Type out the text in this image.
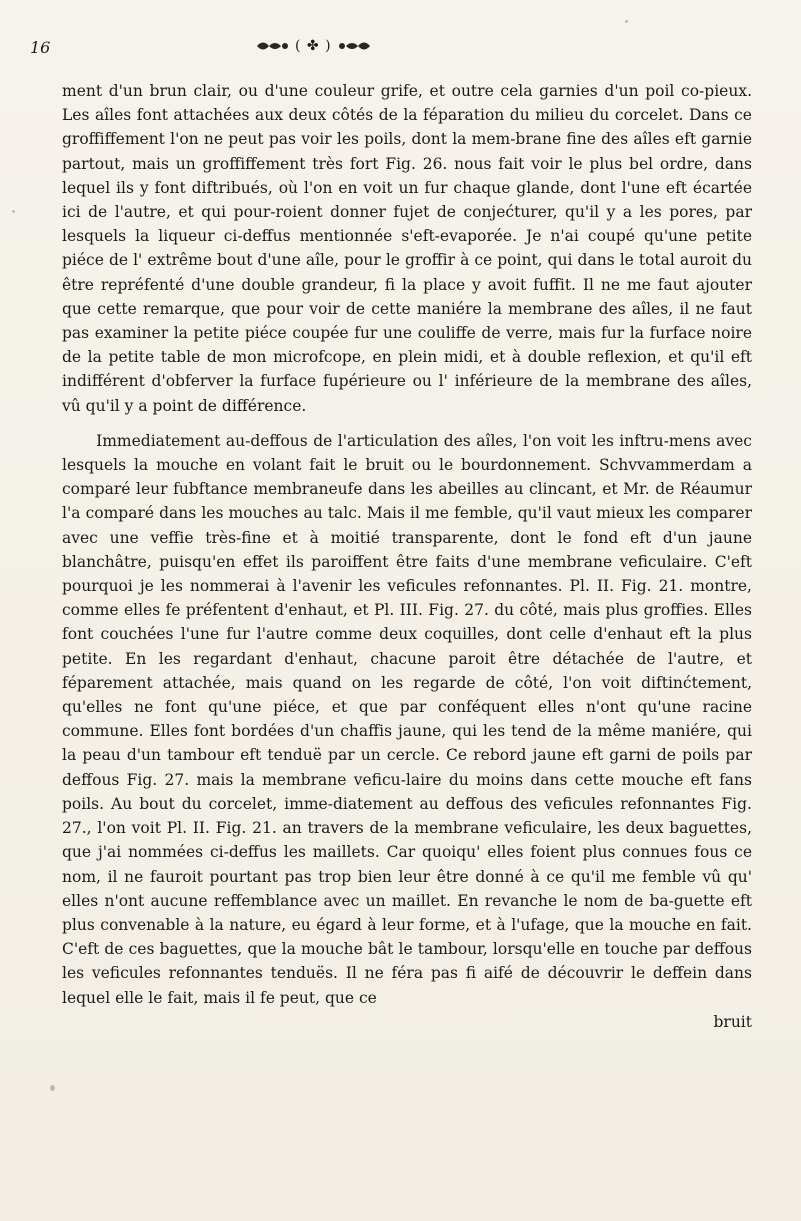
16	( ✤ )

ment d'un brun clair, ou d'une couleur grife, et outre cela garnies d'un poil co-pieux. Les aîles font attachées aux deux côtés de la féparation du milieu du corcelet. Dans ce groffiffement l'on ne peut pas voir les poils, dont la mem-brane fine des aîles eft garnie partout, mais un groffiffement très fort Fig. 26. nous fait voir le plus bel ordre, dans lequel ils y font diftribués, où l'on en voit un fur chaque glande, dont l'une eft écartée ici de l'autre, et qui pour-roient donner fujet de conjećturer, qu'il y a les pores, par lesquels la liqueur ci-deffus mentionnée s'eft-evaporée. Je n'ai coupé qu'une petite piéce de l' extrême bout d'une aîle, pour le groffir à ce point, qui dans le total auroit du être repréfenté d'une double grandeur, fi la place y avoit fuffit. Il ne me faut ajouter que cette remarque, que pour voir de cette maniére la membrane des aîles, il ne faut pas examiner la petite piéce coupée fur une couliffe de verre, mais fur la furface noire de la petite table de mon microfcope, en plein midi, et à double reflexion, et qu'il eft indifférent d'obferver la furface fupérieure ou l' inférieure de la membrane des aîles, vû qu'il y a point de différence.

Immediatement au-deffous de l'articulation des aîles, l'on voit les inftru-mens avec lesquels la mouche en volant fait le bruit ou le bourdonnement. Schvvammerdam a comparé leur fubftance membraneufe dans les abeilles au clincant, et Mr. de Réaumur l'a comparé dans les mouches au talc. Mais il me femble, qu'il vaut mieux les comparer avec une veffie très-fine et à moitié transparente, dont le fond eft d'un jaune blanchâtre, puisqu'en effet ils paroiffent être faits d'une membrane veficulaire. C'eft pourquoi je les nommerai à l'avenir les veficules refonnantes. Pl. II. Fig. 21. montre, comme elles fe préfentent d'enhaut, et Pl. III. Fig. 27. du côté, mais plus groffies. Elles font couchées l'une fur l'autre comme deux coquilles, dont celle d'enhaut eft la plus petite. En les regardant d'enhaut, chacune paroit être détachée de l'autre, et féparement attachée, mais quand on les regarde de côté, l'on voit diftinćtement, qu'elles ne font qu'une piéce, et que par conféquent elles n'ont qu'une racine commune. Elles font bordées d'un chaffis jaune, qui les tend de la même maniére, qui la peau d'un tambour eft tenduë par un cercle. Ce rebord jaune eft garni de poils par deffous Fig. 27. mais la membrane veficu-laire du moins dans cette mouche eft fans poils. Au bout du corcelet, imme-diatement au deffous des veficules refonnantes Fig. 27., l'on voit Pl. II. Fig. 21. an travers de la membrane veficulaire, les deux baguettes, que j'ai nommées ci-deffus les maillets. Car quoiqu' elles foient plus connues fous ce nom, il ne fauroit pourtant pas trop bien leur être donné à ce qu'il me femble vû qu' elles n'ont aucune reffemblance avec un maillet. En revanche le nom de ba-guette eft plus convenable à la nature, eu égard à leur forme, et à l'ufage, que la mouche en fait. C'eft de ces baguettes, que la mouche bât le tambour, lorsqu'elle en touche par deffous les veficules refonnantes tenduës. Il ne féra pas fi aifé de découvrir le deffein dans lequel elle le fait, mais il fe peut, que ce

bruit
